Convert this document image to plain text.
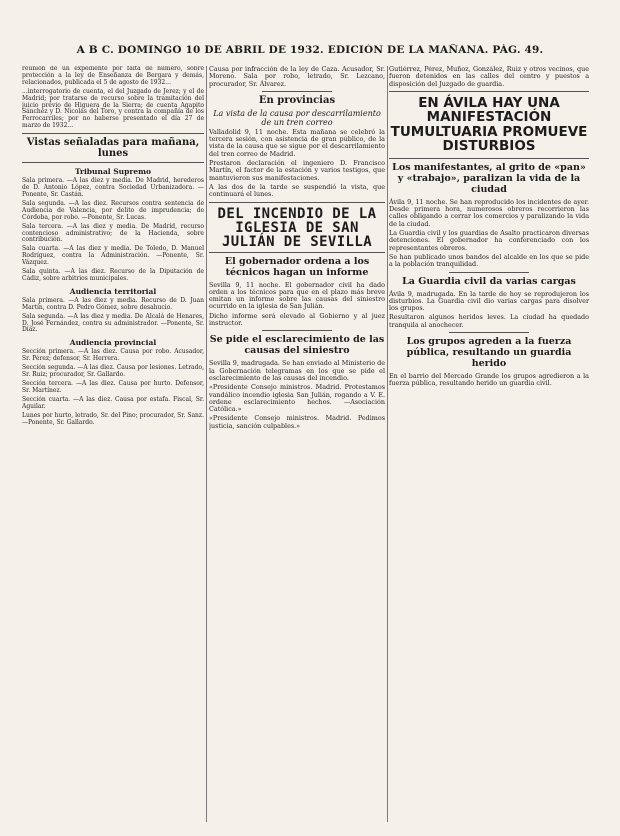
A B C. DOMINGO 10 DE ABRIL DE 1932. EDICIÓN DE LA MAÑANA. PÁG. 49.

reunión de un expediente por falta de número, sobre protección a la ley de Enseñanza de Bergara y demás, relacionados, publicada el 5 de agosto de 1932...

...interrogatorio de cuenta, el del Juzgado de Jerez; y el de Madrid; por tratarse de recurso sobre la tramitación del juicio prévio de Higuera de la Sierra; de cuenta Agapito Sánchez y D. Nicolás del Toro, y contra la compañía de los Ferrocarriles; por no haberse presentado el día 27 de marzo de 1932...

Vistas señaladas para mañana, lunes
Tribunal Supremo

Sala primera. —A las diez y media. De Madrid, herederos de D. Antonio López, contra Sociedad Urbanizadora. —Ponente, Sr. Castán.

Sala segunda. —A las diez. Recursos contra sentencia de Audiencia de Valencia, por delito de imprudencia; de Córdoba, por robo. —Ponente, Sr. Lucas.

Sala tercera. —A las diez y media. De Madrid, recurso contencioso administrativo; de la Hacienda, sobre contribución.

Sala cuarta. —A las diez y media. De Toledo, D. Manuel Rodríguez, contra la Administración. —Ponente, Sr. Vázquez.

Sala quinta. —A las diez. Recurso de la Diputación de Cádiz, sobre arbitrios municipales.

Audiencia territorial

Sala primera. —A las diez y media. Recurso de D. Juan Martín, contra D. Pedro Gómez, sobre desahucio.

Sala segunda. —A las diez y media. De Alcalá de Henares, D. José Fernández, contra su administrador. —Ponente, Sr. Díaz.

Audiencia provincial

Sección primera. —A las diez. Causa por robo. Acusador, Sr. Pérez; defensor, Sr. Herrera.

Sección segunda. —A las diez. Causa por lesiones. Letrado, Sr. Ruiz; procurador, Sr. Gallardo.

Sección tercera. —A las diez. Causa por hurto. Defensor, Sr. Martínez.

Sección cuarta. —A las diez. Causa por estafa. Fiscal, Sr. Aguilar.

Lunes por hurto, letrado, Sr. del Pino; procurador, Sr. Sanz. —Ponente, Sr. Gallardo.

Causa por infracción de la ley de Caza. Acusador, Sr. Moreno. Sala por robo, letrado, Sr. Lezcano, procurador, Sr. Álvarez.

En provincias
La vista de la causa por descarrilamiento de un tren correo

Valladolid 9, 11 noche. Esta mañana se celebró la tercera sesión, con asistencia de gran público, de la vista de la causa que se sigue por el descarrilamiento del tren correo de Madrid.

Prestaron declaración el ingeniero D. Francisco Martín, el factor de la estación y varios testigos, que mantuvieron sus manifestaciones.

A las dos de la tarde se suspendió la vista, que continuará el lunes.

DEL INCENDIO DE LA IGLESIA DE SAN JULIÁN DE SEVILLA
El gobernador ordena a los técnicos hagan un informe

Sevilla 9, 11 noche. El gobernador civil ha dado orden a los técnicos para que en el plazo más breve emitan un informe sobre las causas del siniestro ocurrido en la iglesia de San Julián.

Dicho informe será elevado al Gobierno y al juez instructor.

Se pide el esclarecimiento de las causas del siniestro

Sevilla 9, madrugada. Se han enviado al Ministerio de la Gobernación telegramas en los que se pide el esclarecimiento de las causas del incendio.

«Presidente Consejo ministros. Madrid. Protestamos vandálico incendio iglesia San Julián, rogando a V. E. ordene esclarecimiento hechos. —Asociación Católica.»

«Presidente Consejo ministros. Madrid. Pedimos justicia, sanción culpables.»

Gutiérrez, Pérez, Muñoz, González, Ruiz y otros vecinos, que fueron detenidos en las calles del centro y puestos a disposición del Juzgado de guardia.

EN ÁVILA HAY UNA MANIFESTACIÓN TUMULTUARIA PROMUEVE DISTURBIOS
Los manifestantes, al grito de «pan» y «trabajo», paralizan la vida de la ciudad

Ávila 9, 11 noche. Se han reproducido los incidentes de ayer. Desde primera hora, numerosos obreros recorrieron las calles obligando a cerrar los comercios y paralizando la vida de la ciudad.

La Guardia civil y los guardias de Asalto practicaron diversas detenciones. El gobernador ha conferenciado con los representantes obreros.

Se han publicado unos bandos del alcalde en los que se pide a la población tranquilidad.

La Guardia civil da varias cargas

Ávila 9, madrugada. En la tarde de hoy se reprodujeron los disturbios. La Guardia civil dio varias cargas para disolver los grupos.

Resultaron algunos heridos leves. La ciudad ha quedado tranquila al anochecer.

Los grupos agreden a la fuerza pública, resultando un guardia herido

En el barrio del Mercado Grande los grupos agredieron a la fuerza pública, resultando herido un guardia civil.
